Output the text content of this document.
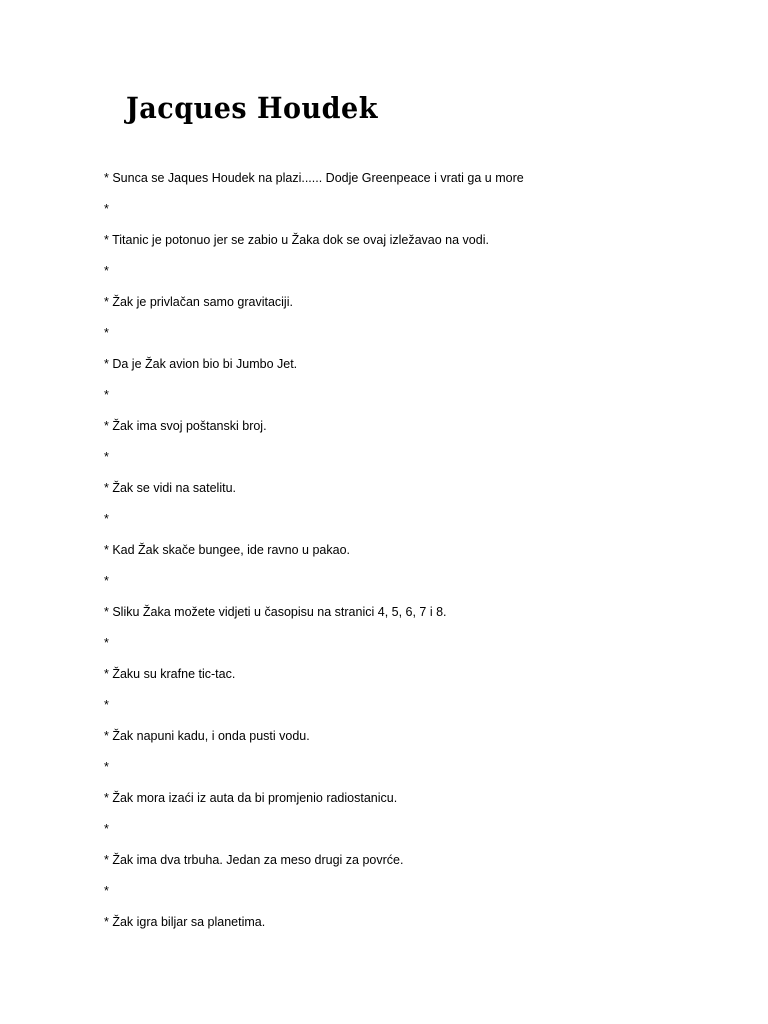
Jacques Houdek
* Sunca se Jaques Houdek na plazi...... Dodje Greenpeace i vrati ga u more
*
* Titanic je potonuo jer se zabio u Žaka dok se ovaj izležavao na vodi.
*
* Žak je privlačan samo gravitaciji.
*
* Da je Žak avion bio bi Jumbo Jet.
*
* Žak ima svoj poštanski broj.
*
* Žak se vidi na satelitu.
*
* Kad Žak skače bungee, ide ravno u pakao.
*
* Sliku Žaka možete vidjeti u časopisu na stranici 4, 5, 6, 7 i 8.
*
* Žaku su krafne tic-tac.
*
* Žak napuni kadu, i onda pusti vodu.
*
* Žak mora izaći iz auta da bi promjenio radiostanicu.
*
* Žak ima dva trbuha. Jedan za meso drugi za povrće.
*
* Žak igra biljar sa planetima.
